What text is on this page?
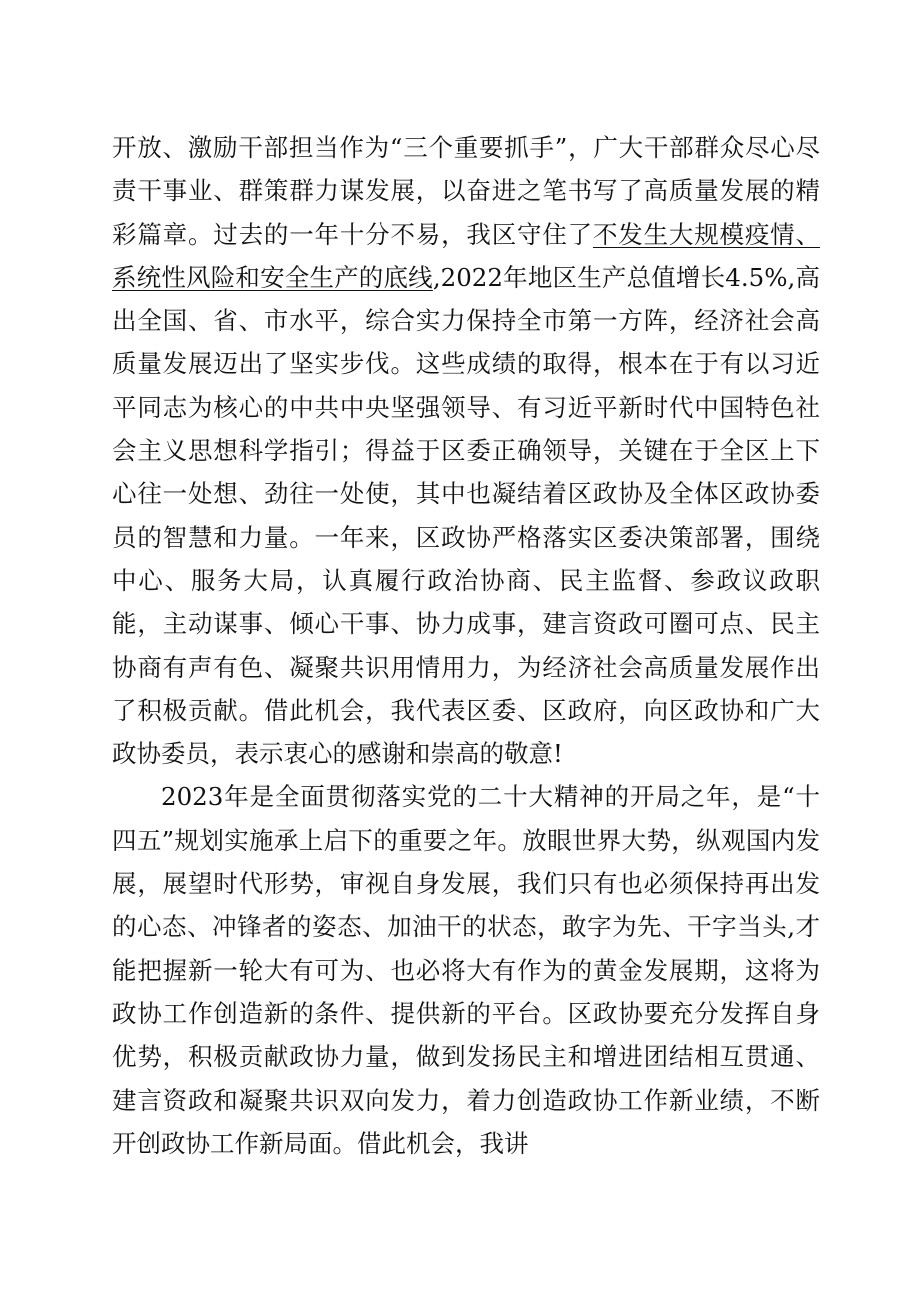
开放、激励干部担当作为“三个重要抓手”，广大干部群众尽心尽责干事业、群策群力谋发展，以奋进之笔书写了高质量发展的精彩篇章。过去的一年十分不易，我区守住了不发生大规模疫情、系统性风险和安全生产的底线,2022年地区生产总值增长4.5%,高出全国、省、市水平，综合实力保持全市第一方阵，经济社会高质量发展迈出了坚实步伐。这些成绩的取得，根本在于有以习近平同志为核心的中共中央坚强领导、有习近平新时代中国特色社会主义思想科学指引；得益于区委正确领导，关键在于全区上下心往一处想、劲往一处使，其中也凝结着区政协及全体区政协委员的智慧和力量。一年来，区政协严格落实区委决策部署，围绕中心、服务大局，认真履行政治协商、民主监督、参政议政职能，主动谋事、倾心干事、协力成事，建言资政可圈可点、民主协商有声有色、凝聚共识用情用力，为经济社会高质量发展作出了积极贡献。借此机会，我代表区委、区政府，向区政协和广大政协委员，表示衷心的感谢和崇高的敬意!

2023年是全面贯彻落实党的二十大精神的开局之年，是“十四五”规划实施承上启下的重要之年。放眼世界大势，纵观国内发展，展望时代形势，审视自身发展，我们只有也必须保持再出发的心态、冲锋者的姿态、加油干的状态，敢字为先、干字当头,才能把握新一轮大有可为、也必将大有作为的黄金发展期，这将为政协工作创造新的条件、提供新的平台。区政协要充分发挥自身优势，积极贡献政协力量，做到发扬民主和增进团结相互贯通、建言资政和凝聚共识双向发力，着力创造政协工作新业绩，不断开创政协工作新局面。借此机会，我讲
